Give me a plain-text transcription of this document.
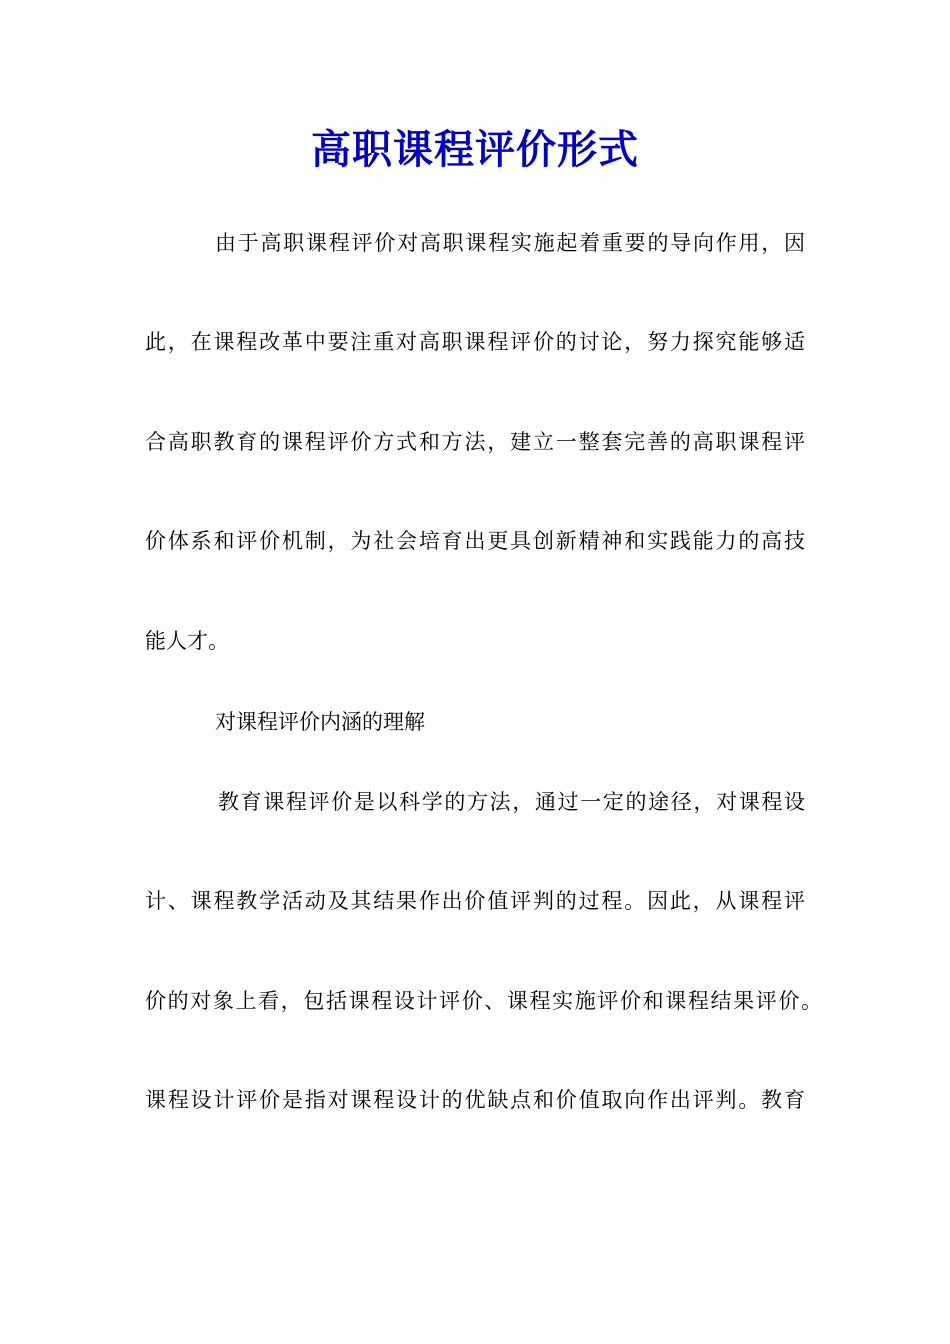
高职课程评价形式
由于高职课程评价对高职课程实施起着重要的导向作用，因
此，在课程改革中要注重对高职课程评价的讨论，努力探究能够适
合高职教育的课程评价方式和方法，建立一整套完善的高职课程评
价体系和评价机制，为社会培育出更具创新精神和实践能力的高技
能人才。
对课程评价内涵的理解
教育课程评价是以科学的方法，通过一定的途径，对课程设
计、课程教学活动及其结果作出价值评判的过程。因此，从课程评
价的对象上看，包括课程设计评价、课程实施评价和课程结果评价。
课程设计评价是指对课程设计的优缺点和价值取向作出评判。教育
